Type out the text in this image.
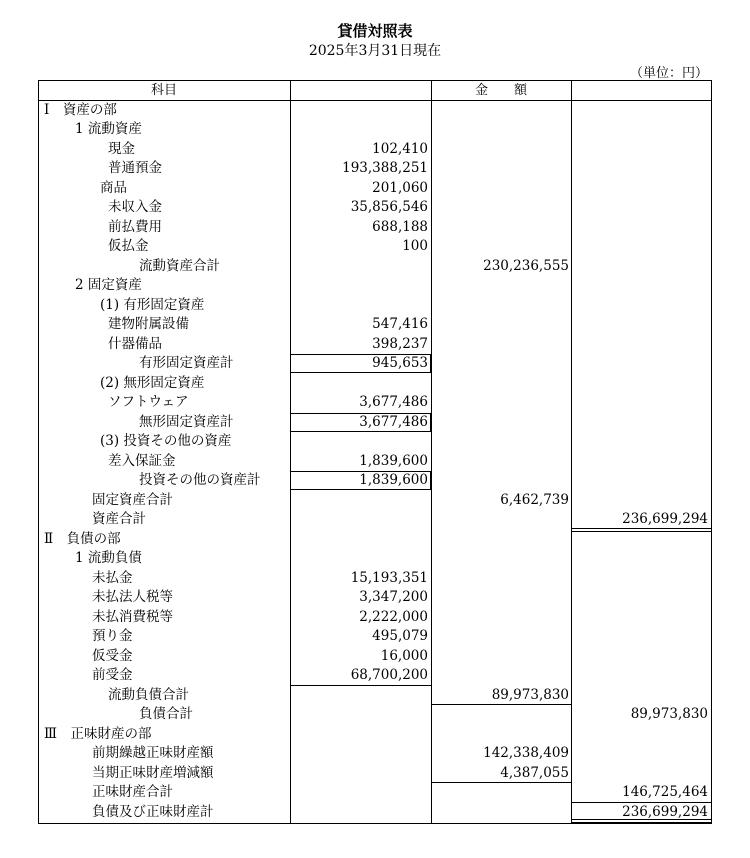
貸借対照表
2025年3月31日現在
（単位：円）
科目	金　　額
Ⅰ　資産の部
1 流動資産
現金
普通預金
商品
未収入金
前払費用
仮払金
流動資産合計
2 固定資産
(1) 有形固定資産
建物附属設備
什器備品
有形固定資産計
(2) 無形固定資産
ソフトウェア
無形固定資産計
(3) 投資その他の資産
差入保証金
投資その他の資産計
固定資産合計
資産合計
Ⅱ　負債の部
1 流動負債
未払金
未払法人税等
未払消費税等
預り金
仮受金
前受金
流動負債合計
負債合計
Ⅲ　正味財産の部
前期繰越正味財産額
当期正味財産増減額
正味財産合計
負債及び正味財産計
102,410
193,388,251
201,060
35,856,546
688,188
100
547,416
398,237
945,653
3,677,486
3,677,486
1,839,600
1,839,600
15,193,351
3,347,200
2,222,000
495,079
16,000
68,700,200
230,236,555
6,462,739
89,973,830
142,338,409
4,387,055
236,699,294
89,973,830
146,725,464
236,699,294
